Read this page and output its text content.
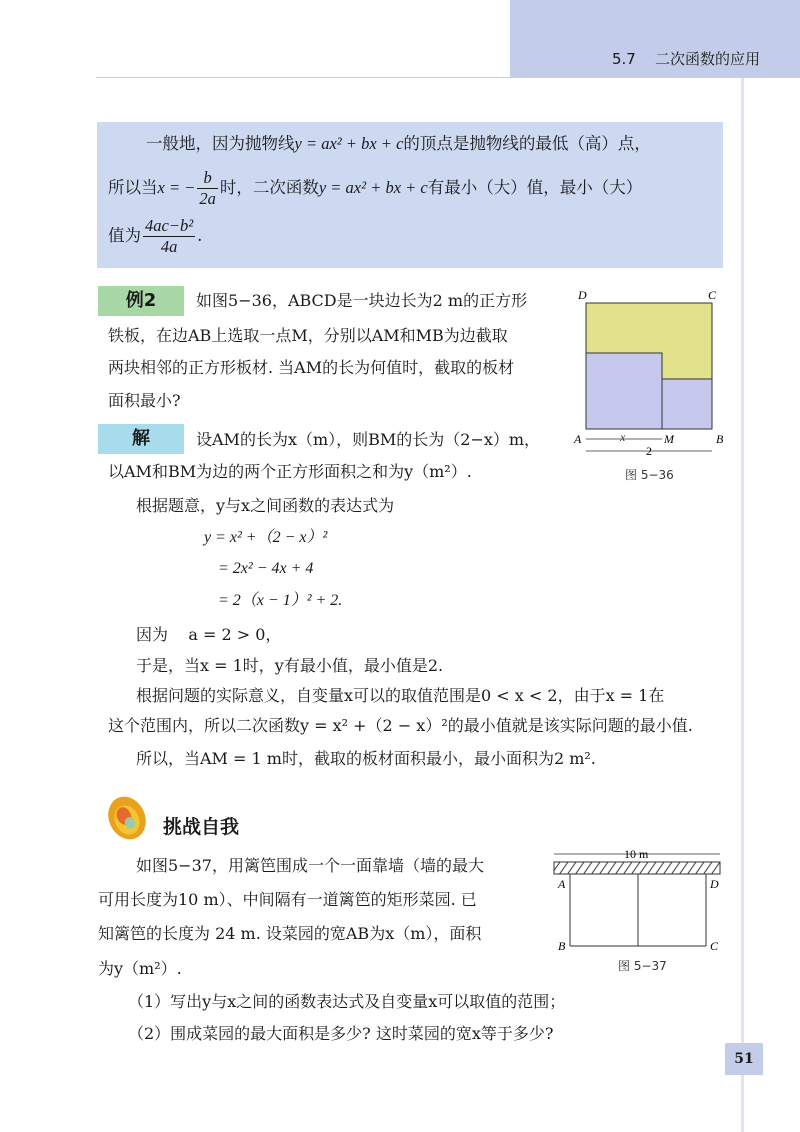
5.7 二次函数的应用
一般地，因为抛物线y = ax² + bx + c的顶点是抛物线的最低（高）点，
所以当x = − $\frac{b}{2a}$ 时，二次函数y = ax² + bx + c有最小（大）值，最小（大）
值为 $\frac{\text{4ac−b²}}{4a}$ .
例2	如图5−36，ABCD是一块边长为2 m的正方形
铁板，在边AB上选取一点M，分别以AM和MB为边截取
两块相邻的正方形板材. 当AM的长为何值时，截取的板材
面积最小?
解	设AM的长为x（m），则BM的长为（2−x）m，
以AM和BM为边的两个正方形面积之和为y（m²）.
根据题意，y与x之间函数的表达式为
y = x² +（2 − x）²
= 2x² − 4x + 4
= 2（x − 1）² + 2.
因为    a = 2 > 0，
于是，当x = 1时，y有最小值，最小值是2.
根据问题的实际意义，自变量x可以的取值范围是0 < x < 2，由于x = 1在
这个范围内，所以二次函数y = x² +（2 − x）²的最小值就是该实际问题的最小值.
所以，当AM = 1 m时，截取的板材面积最小，最小面积为2 m².
D	C
A	B
M
x
2
图 5−36
挑战自我
如图5−37，用篱笆围成一个一面靠墙（墙的最大
可用长度为10 m）、中间隔有一道篱笆的矩形菜园. 已
知篱笆的长度为 24 m. 设菜园的宽AB为x（m），面积
为y（m²）.
（1）写出y与x之间的函数表达式及自变量x可以取值的范围；
（2）围成菜园的最大面积是多少? 这时菜园的宽x等于多少?
10 m
A	D
B	C
图 5−37
51
